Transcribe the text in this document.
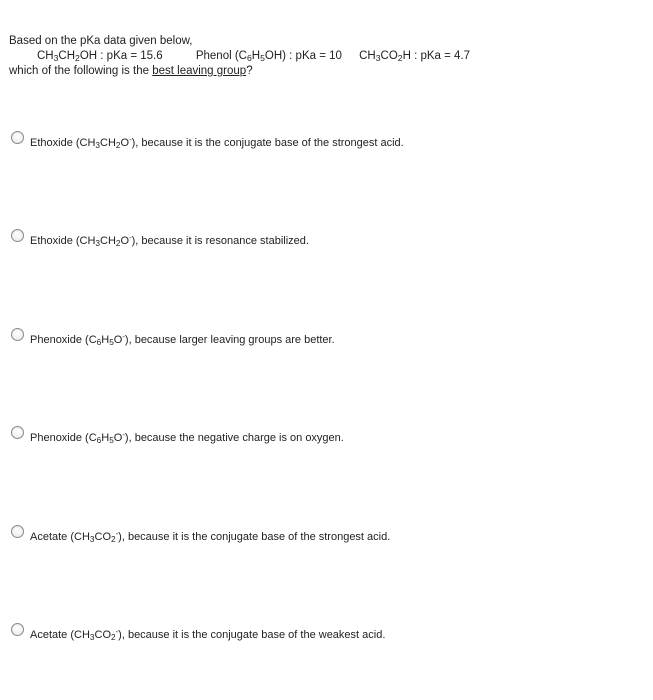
Based on the pKa data given below,
$CH_3CH_2OH$ : pKa = 15.6	Phenol $(C_6H_5OH)$ : pKa = 10 $CH_3CO_2H$ : pKa = 4.7
which of the following is the best leaving group?
Ethoxide $(CH_3CH_2O^-)$, because it is the conjugate base of the strongest acid.
Ethoxide $(CH_3CH_2O^-)$, because it is resonance stabilized.
Phenoxide $(C_6H_5O^-)$, because larger leaving groups are better.
Phenoxide $(C_6H_5O^-)$, because the negative charge is on oxygen.
Acetate $(CH_3CO_2^-)$, because it is the conjugate base of the strongest acid.
Acetate $(CH_3CO_2^-)$, because it is the conjugate base of the weakest acid.
